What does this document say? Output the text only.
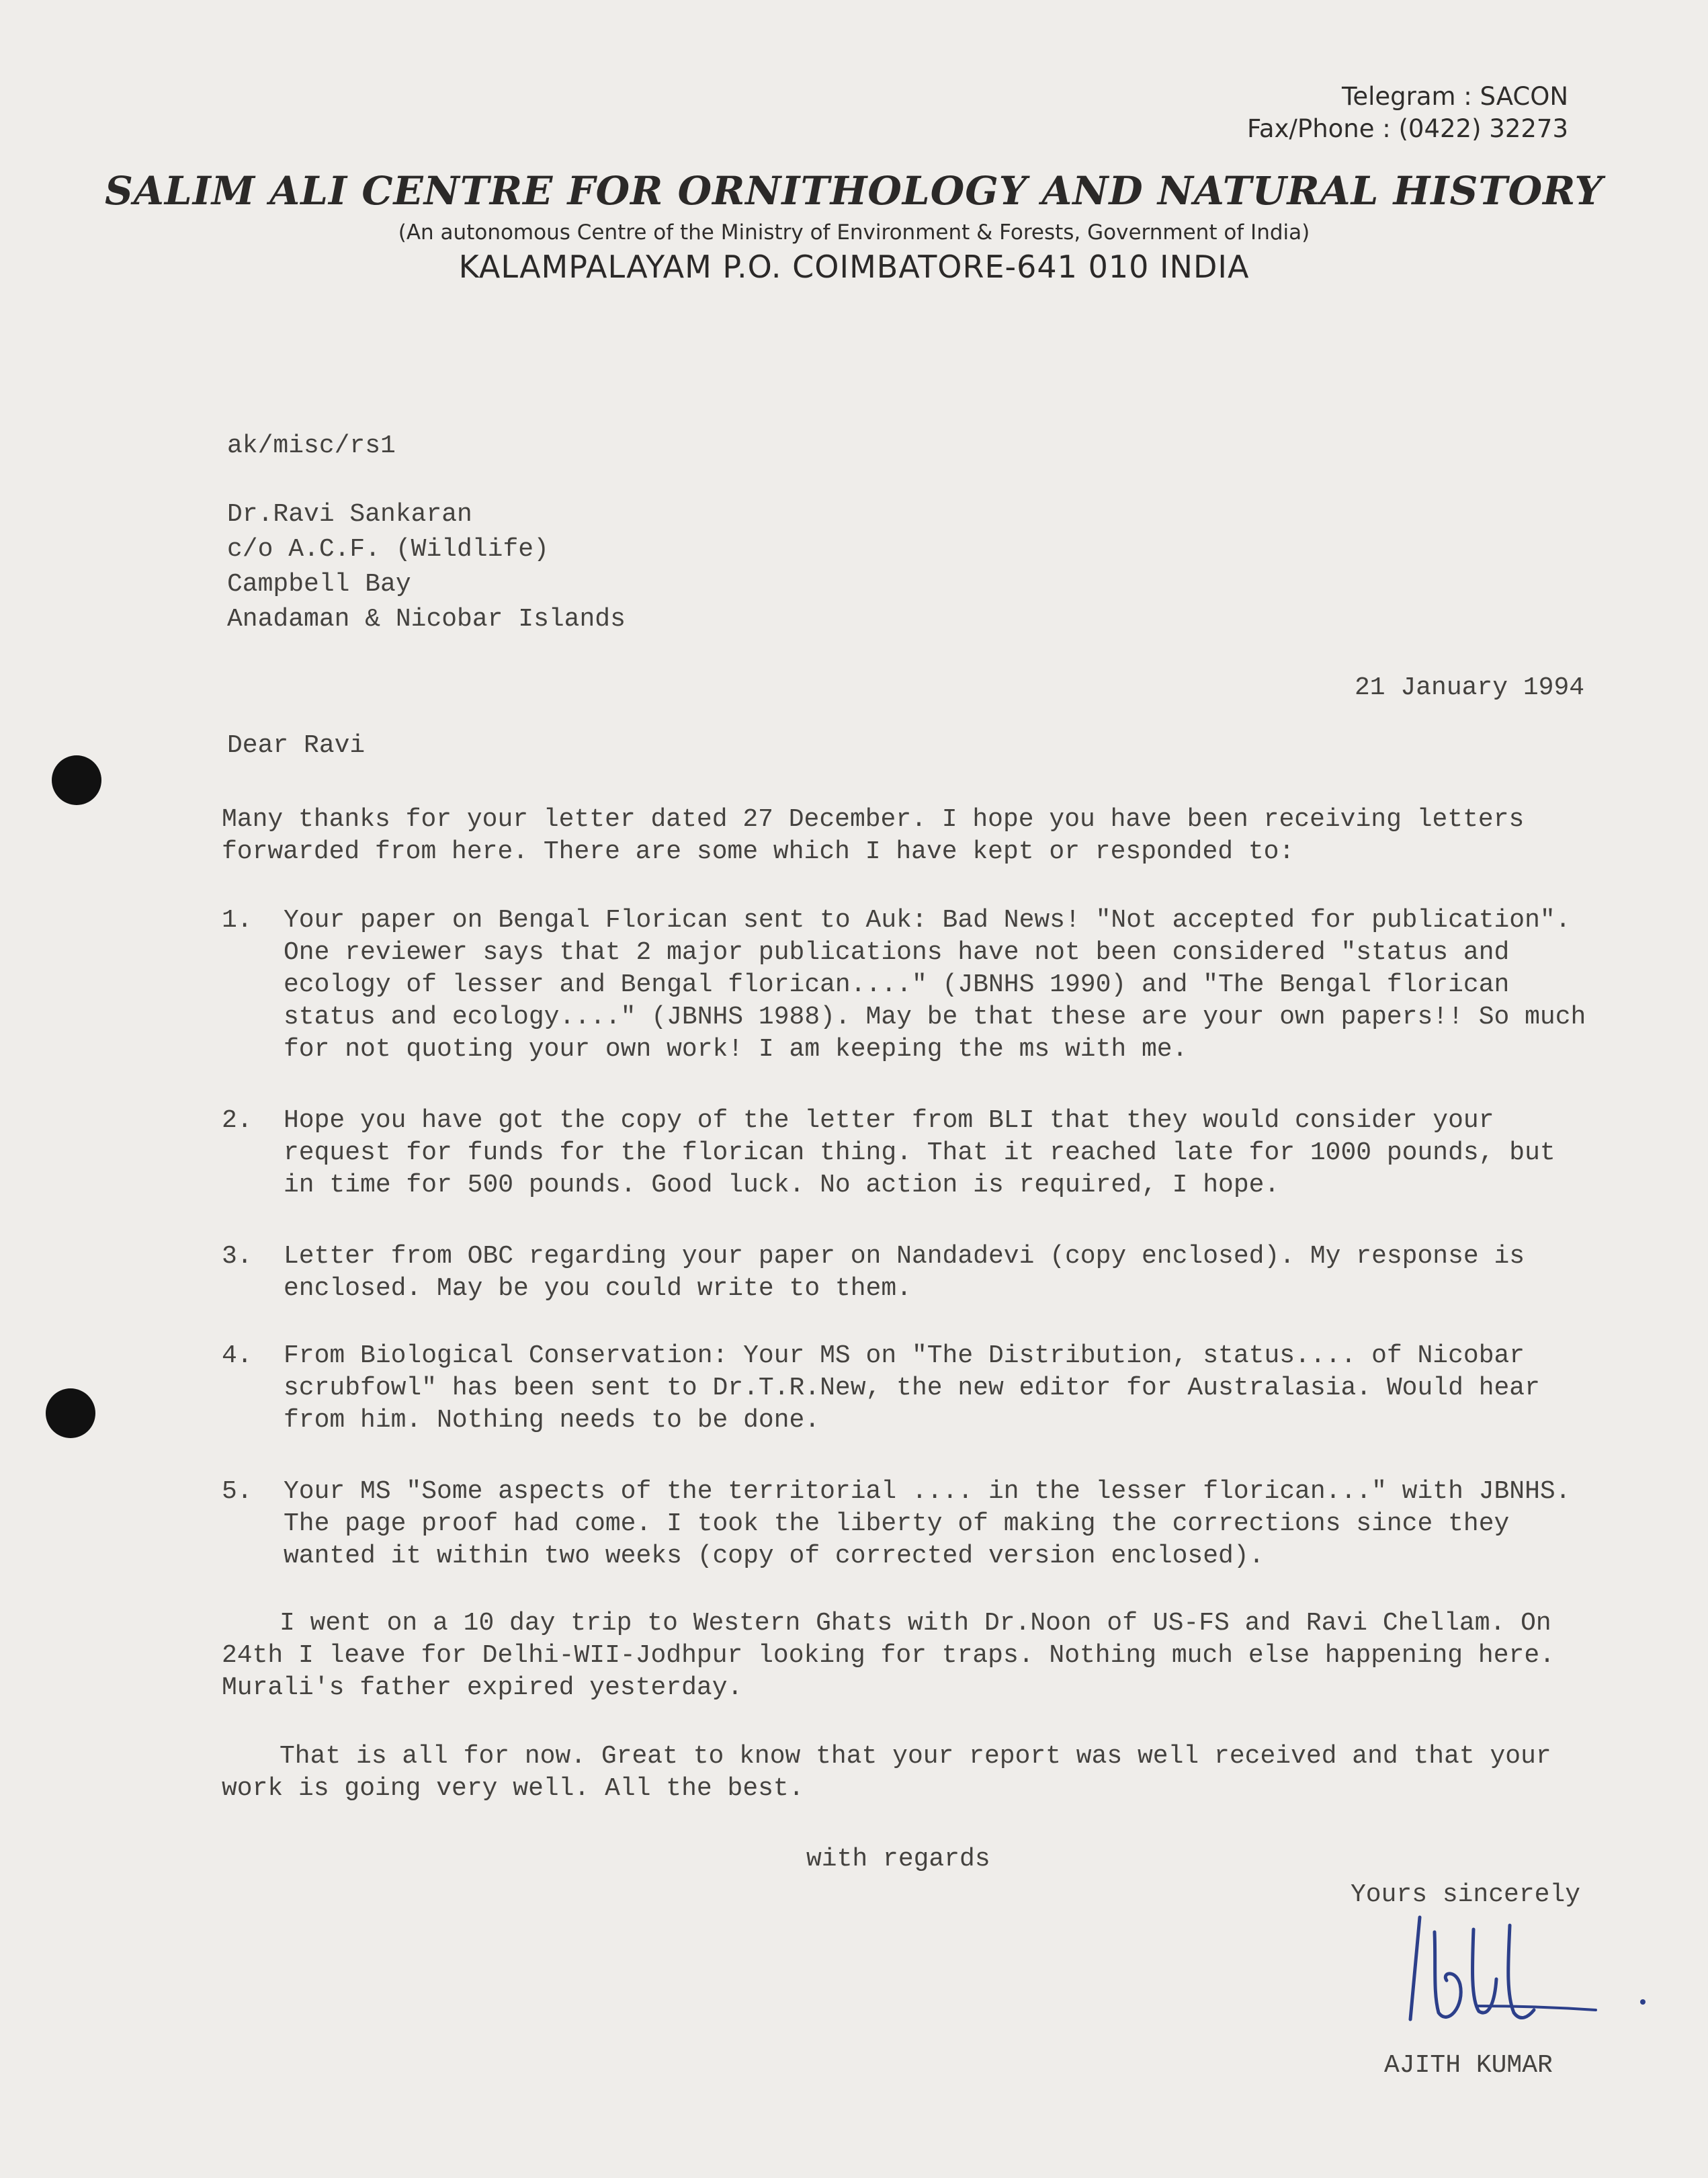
​
Telegram : SACON
Fax/Phone : (0422) 32273
SALIM ALI CENTRE FOR ORNITHOLOGY AND NATURAL HISTORY
(An autonomous Centre of the Ministry of Environment & Forests, Government of India)
KALAMPALAYAM P.O. COIMBATORE-641 010 INDIA
ak/misc/rs1
Dr.Ravi Sankaran
c/o A.C.F. (Wildlife)
Campbell Bay
Anadaman & Nicobar Islands
21 January 1994
Dear Ravi
Many thanks for your letter dated 27 December. I hope you have been receiving letters forwarded from here. There are some which I have kept or responded to:
1. Your paper on Bengal Florican sent to Auk: Bad News! "Not accepted for publication". One reviewer says that 2 major publications have not been considered "status and ecology of lesser and Bengal florican...." (JBNHS 1990) and "The Bengal florican status and ecology...." (JBNHS 1988). May be that these are your own papers!! So much for not quoting your own work! I am keeping the ms with me.
2. Hope you have got the copy of the letter from BLI that they would consider your request for funds for the florican thing. That it reached late for 1000 pounds, but in time for 500 pounds. Good luck. No action is required, I hope.
3. Letter from OBC regarding your paper on Nandadevi (copy enclosed). My response is enclosed. May be you could write to them.
4. From Biological Conservation: Your MS on "The Distribution, status.... of Nicobar scrubfowl" has been sent to Dr.T.R.New, the new editor for Australasia. Would hear from him. Nothing needs to be done.
5. Your MS "Some aspects of the territorial .... in the lesser florican..." with JBNHS. The page proof had come. I took the liberty of making the corrections since they wanted it within two weeks (copy of corrected version enclosed).
I went on a 10 day trip to Western Ghats with Dr.Noon of US-FS and Ravi Chellam. On 24th I leave for Delhi-WII-Jodhpur looking for traps. Nothing much else happening here. Murali's father expired yesterday.
That is all for now. Great to know that your report was well received and that your work is going very well. All the best.
with regards
Yours sincerely
AJITH KUMAR
